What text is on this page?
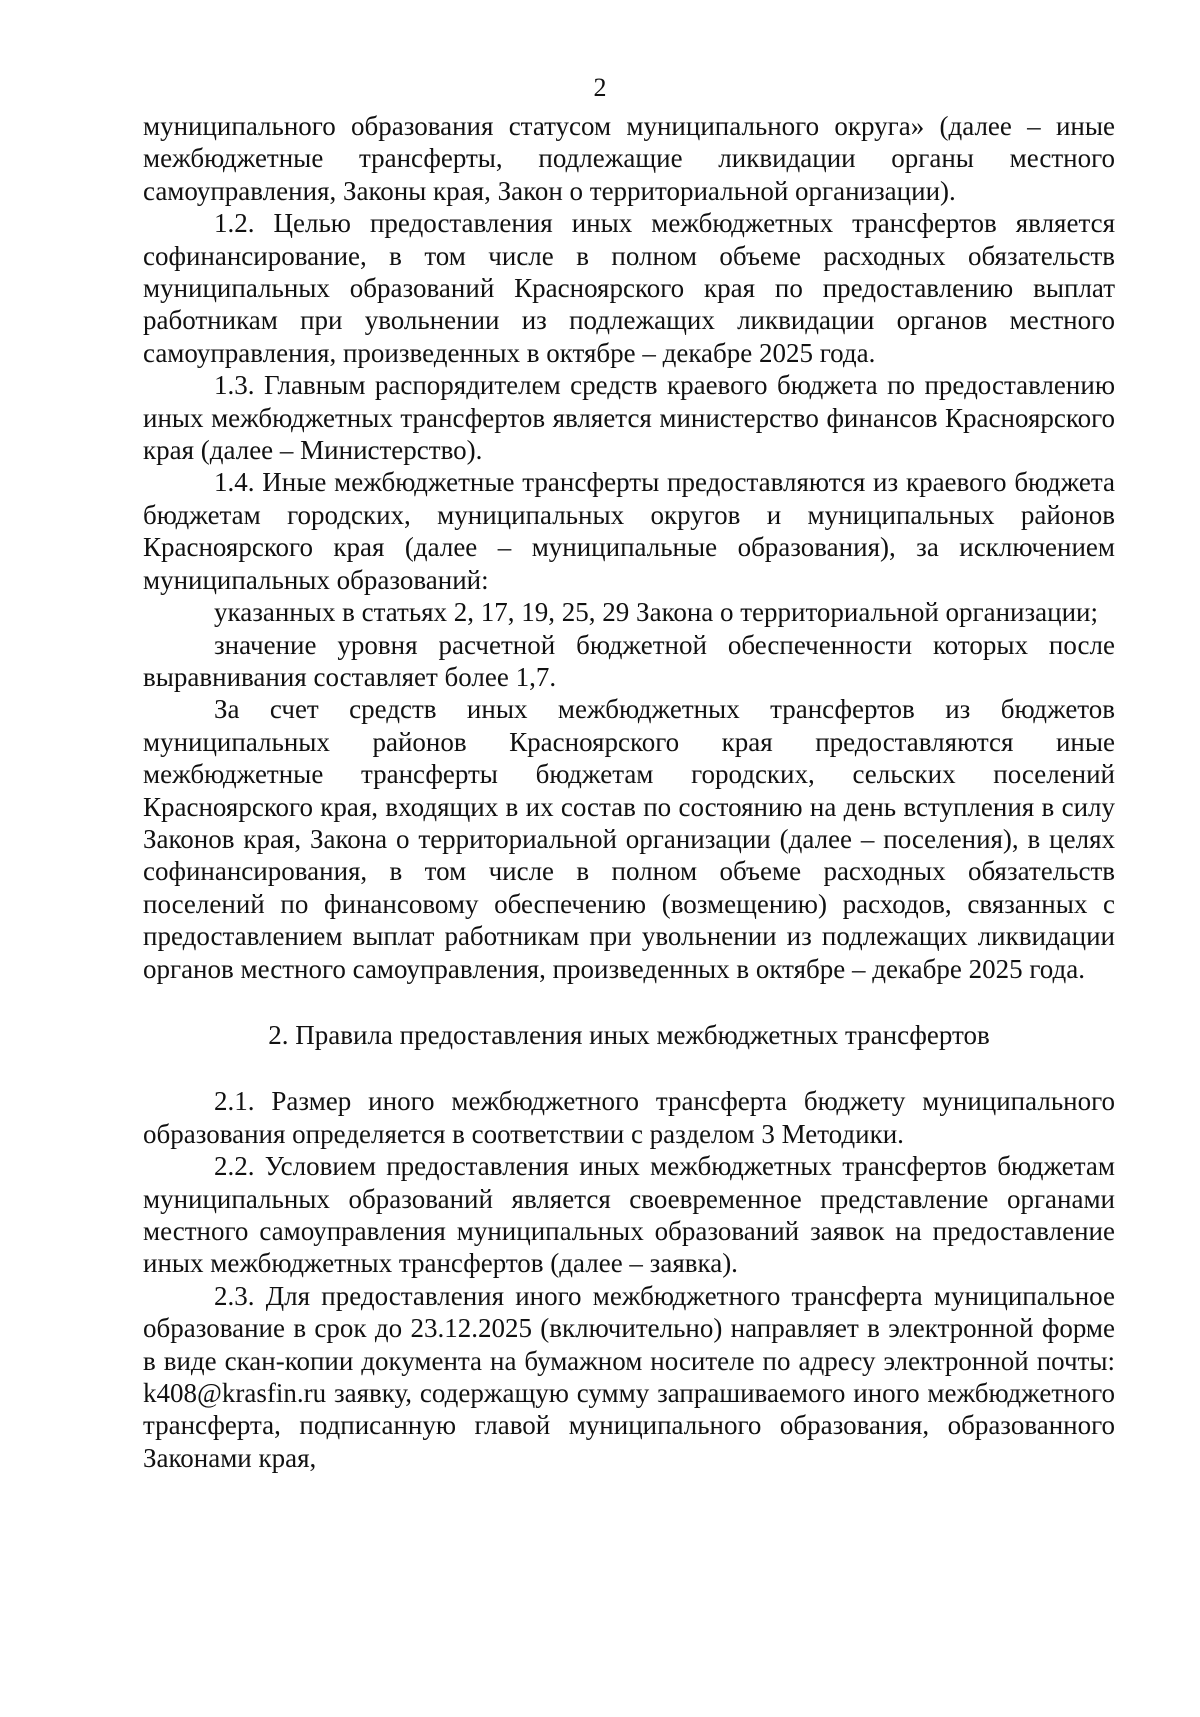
2

муниципального образования статусом муниципального округа» (далее – иные межбюджетные трансферты, подлежащие ликвидации органы местного самоуправления, Законы края, Закон о территориальной организации).

1.2. Целью предоставления иных межбюджетных трансфертов является софинансирование, в том числе в полном объеме расходных обязательств муниципальных образований Красноярского края по предоставлению выплат работникам при увольнении из подлежащих ликвидации органов местного самоуправления, произведенных в октябре – декабре 2025 года.

1.3. Главным распорядителем средств краевого бюджета по предоставлению иных межбюджетных трансфертов является министерство финансов Красноярского края (далее – Министерство).

1.4. Иные межбюджетные трансферты предоставляются из краевого бюджета бюджетам городских, муниципальных округов и муниципальных районов Красноярского края (далее – муниципальные образования), за исключением муниципальных образований:

указанных в статьях 2, 17, 19, 25, 29 Закона о территориальной организации;

значение уровня расчетной бюджетной обеспеченности которых после выравнивания составляет более 1,7.

За счет средств иных межбюджетных трансфертов из бюджетов муниципальных районов Красноярского края предоставляются иные межбюджетные трансферты бюджетам городских, сельских поселений Красноярского края, входящих в их состав по состоянию на день вступления в силу Законов края, Закона о территориальной организации (далее – поселения), в целях софинансирования, в том числе в полном объеме расходных обязательств поселений по финансовому обеспечению (возмещению) расходов, связанных с предоставлением выплат работникам при увольнении из подлежащих ликвидации органов местного самоуправления, произведенных в октябре – декабре 2025 года.

2. Правила предоставления иных межбюджетных трансфертов

2.1. Размер иного межбюджетного трансферта бюджету муниципального образования определяется в соответствии с разделом 3 Методики.

2.2. Условием предоставления иных межбюджетных трансфертов бюджетам муниципальных образований является своевременное представление органами местного самоуправления муниципальных образований заявок на предоставление иных межбюджетных трансфертов (далее – заявка).

2.3. Для предоставления иного межбюджетного трансферта муниципальное образование в срок до 23.12.2025 (включительно) направляет в электронной форме в виде скан-копии документа на бумажном носителе по адресу электронной почты: k408@krasfin.ru заявку, содержащую сумму запрашиваемого иного межбюджетного трансферта, подписанную главой муниципального образования, образованного Законами края,
